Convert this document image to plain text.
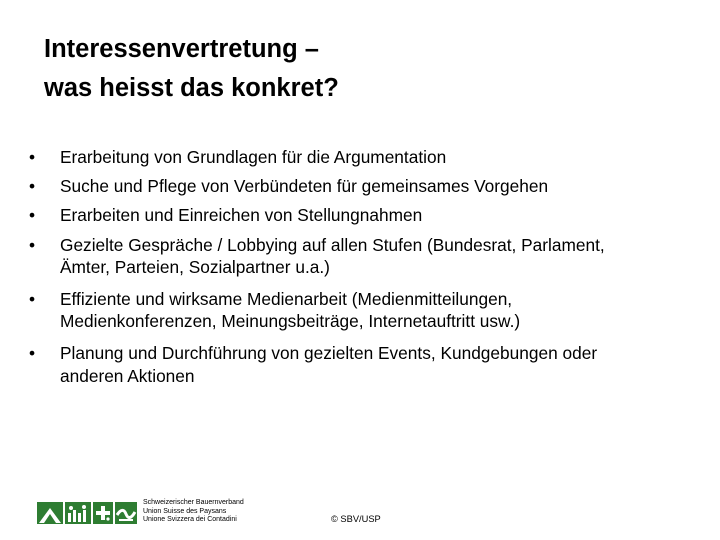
Interessenvertretung –
was heisst das konkret?
•	Erarbeitung von Grundlagen für die Argumentation
•	Suche und Pflege von Verbündeten für gemeinsames Vorgehen
•	Erarbeiten und Einreichen von Stellungnahmen
•	Gezielte Gespräche / Lobbying auf allen Stufen (Bundesrat, Parlament,
Ämter, Parteien, Sozialpartner u.a.)
•	Effiziente und wirksame Medienarbeit (Medienmitteilungen,
Medienkonferenzen, Meinungsbeiträge, Internetauftritt usw.)
•	Planung und Durchführung von gezielten Events, Kundgebungen oder
anderen Aktionen
Schweizerischer Bauernverband
Union Suisse des Paysans
Unione Svizzera dei Contadini	© SBV/USP
